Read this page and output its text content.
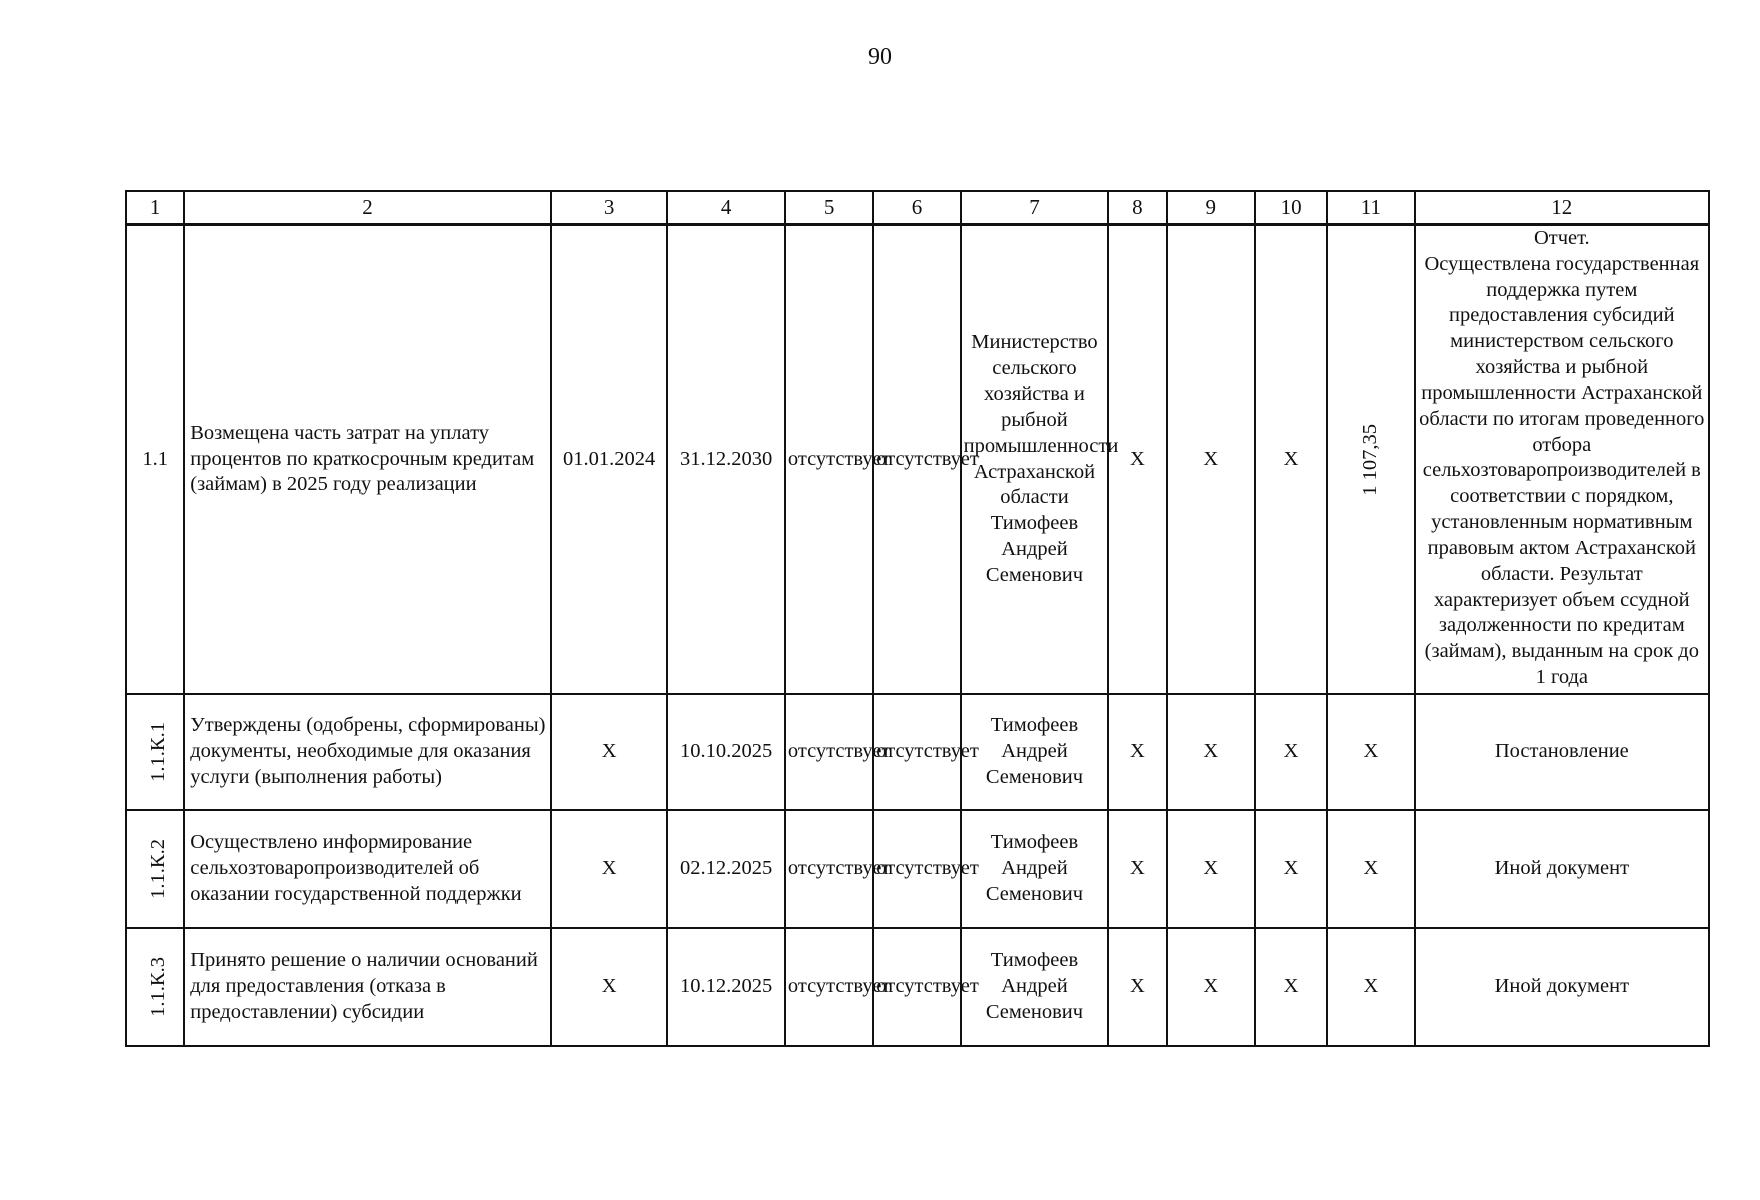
90
1	2	3	4	5	6	7	8	9	10	11	12
1.1	Возмещена часть затрат на уплату процентов по краткосрочным кредитам (займам) в 2025 году реализации	01.01.2024	31.12.2030	отсутствует	отсутствует	Министерство сельского хозяйства и рыбной промышленности Астраханской области Тимофеев Андрей Семенович	X	X	X	1 107,35	Отчет.
Осуществлена государственная поддержка путем предоставления субсидий министерством сельского хозяйства и рыбной промышленности Астраханской области по итогам проведенного отбора сельхозтоваропроизводителей в соответствии с порядком, установленным нормативным правовым актом Астраханской области. Результат характеризует объем ссудной задолженности по кредитам (займам), выданным на срок до 1 года

1.1.К.1	Утверждены (одобрены, сформированы) документы, необходимые для оказания услуги (выполнения работы)	X	10.10.2025	отсутствует	отсутствует	Тимофеев Андрей Семенович	X	X	X	X	Постановление
1.1.К.2	Осуществлено информирование сельхозтоваропроизводителей об оказании государственной поддержки	X	02.12.2025	отсутствует	отсутствует	Тимофеев Андрей Семенович	X	X	X	X	Иной документ
1.1.К.3	Принято решение о наличии оснований для предоставления (отказа в предоставлении) субсидии	X	10.12.2025	отсутствует	отсутствует	Тимофеев Андрей Семенович	X	X	X	X	Иной документ
